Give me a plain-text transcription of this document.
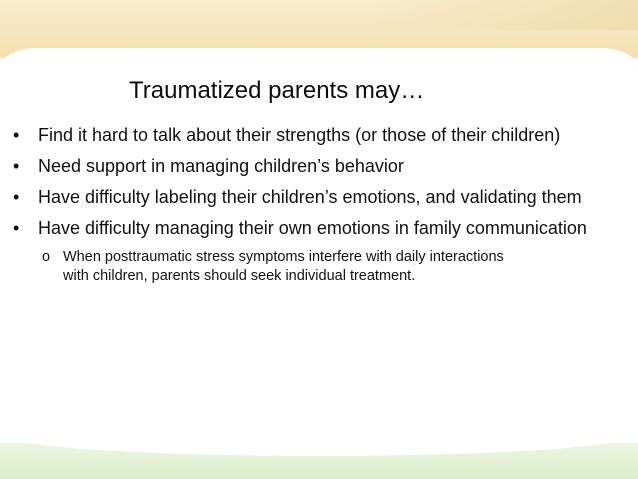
Traumatized parents may…
• Find it hard to talk about their strengths (or those of their children)
• Need support in managing children’s behavior
• Have difficulty labeling their children’s emotions, and validating them
• Have difficulty managing their own emotions in family communication
o When posttraumatic stress symptoms interfere with daily interactions with children, parents should seek individual treatment.
